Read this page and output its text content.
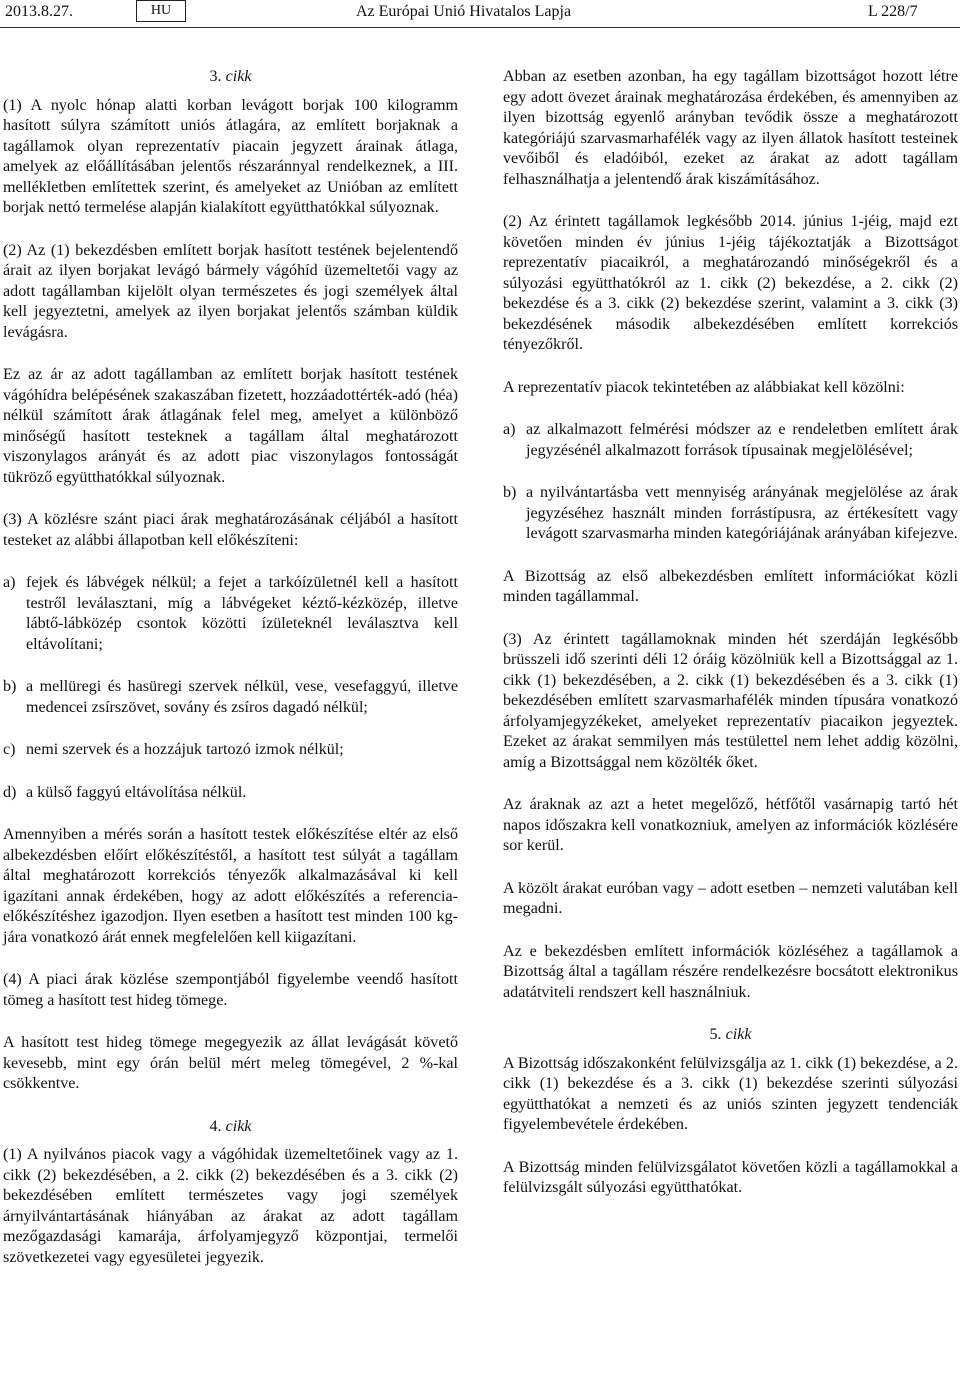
2013.8.27.	HU	Az Európai Unió Hivatalos Lapja	L 228/7

3. cikk

(1) A nyolc hónap alatti korban levágott borjak 100 kilogramm hasított súlyra számított uniós átlagára, az említett borjaknak a tagállamok olyan reprezentatív piacain jegyzett árainak átlaga, amelyek az előállításában jelentős részaránnyal rendelkeznek, a III. mellékletben említettek szerint, és amelyeket az Unióban az említett borjak nettó termelése alapján kialakított együtthatókkal súlyoznak.

(2) Az (1) bekezdésben említett borjak hasított testének bejelentendő árait az ilyen borjakat levágó bármely vágóhíd üzemeltetői vagy az adott tagállamban kijelölt olyan természetes és jogi személyek által kell jegyeztetni, amelyek az ilyen borjakat jelentős számban küldik levágásra.

Ez az ár az adott tagállamban az említett borjak hasított testének vágóhídra belépésének szakaszában fizetett, hozzáadottérték-adó (héa) nélkül számított árak átlagának felel meg, amelyet a különböző minőségű hasított testeknek a tagállam által meghatározott viszonylagos arányát és az adott piac viszonylagos fontosságát tükröző együtthatókkal súlyoznak.

(3) A közlésre szánt piaci árak meghatározásának céljából a hasított testeket az alábbi állapotban kell előkészíteni:

a) fejek és lábvégek nélkül; a fejet a tarkóízületnél kell a hasított testről leválasztani, míg a lábvégeket kéztő-kézközép, illetve lábtő-lábközép csontok közötti ízületeknél leválasztva kell eltávolítani;
b) a mellüregi és hasüregi szervek nélkül, vese, vesefaggyú, illetve medencei zsírszövet, sovány és zsíros dagadó nélkül;
c) nemi szervek és a hozzájuk tartozó izmok nélkül;
d) a külső faggyú eltávolítása nélkül.

Amennyiben a mérés során a hasított testek előkészítése eltér az első albekezdésben előírt előkészítéstől, a hasított test súlyát a tagállam által meghatározott korrekciós tényezők alkalmazásával ki kell igazítani annak érdekében, hogy az adott előkészítés a referencia-előkészítéshez igazodjon. Ilyen esetben a hasított test minden 100 kg-jára vonatkozó árát ennek megfelelően kell kiigazítani.

(4) A piaci árak közlése szempontjából figyelembe veendő hasított tömeg a hasított test hideg tömege.

A hasított test hideg tömege megegyezik az állat levágását követő kevesebb, mint egy órán belül mért meleg tömegével, 2 %-kal csökkentve.

4. cikk

(1) A nyilvános piacok vagy a vágóhidak üzemeltetőinek vagy az 1. cikk (2) bekezdésében, a 2. cikk (2) bekezdésében és a 3. cikk (2) bekezdésében említett természetes vagy jogi személyek árnyilvántartásának hiányában az árakat az adott tagállam mezőgazdasági kamarája, árfolyamjegyző központjai, termelői szövetkezetei vagy egyesületei jegyezik.

Abban az esetben azonban, ha egy tagállam bizottságot hozott létre egy adott övezet árainak meghatározása érdekében, és amennyiben az ilyen bizottság egyenlő arányban tevődik össze a meghatározott kategóriájú szarvasmarhafélék vagy az ilyen állatok hasított testeinek vevőiből és eladóiból, ezeket az árakat az adott tagállam felhasználhatja a jelentendő árak kiszámításához.

(2) Az érintett tagállamok legkésőbb 2014. június 1-jéig, majd ezt követően minden év június 1-jéig tájékoztatják a Bizottságot reprezentatív piacaikról, a meghatározandó minőségekről és a súlyozási együtthatókról az 1. cikk (2) bekezdése, a 2. cikk (2) bekezdése és a 3. cikk (2) bekezdése szerint, valamint a 3. cikk (3) bekezdésének második albekezdésében említett korrekciós tényezőkről.

A reprezentatív piacok tekintetében az alábbiakat kell közölni:

a) az alkalmazott felmérési módszer az e rendeletben említett árak jegyzésénél alkalmazott források típusainak megjelölésével;
b) a nyilvántartásba vett mennyiség arányának megjelölése az árak jegyzéséhez használt minden forrástípusra, az értékesített vagy levágott szarvasmarha minden kategóriájának arányában kifejezve.

A Bizottság az első albekezdésben említett információkat közli minden tagállammal.

(3) Az érintett tagállamoknak minden hét szerdáján legkésőbb brüsszeli idő szerinti déli 12 óráig közölniük kell a Bizottsággal az 1. cikk (1) bekezdésében, a 2. cikk (1) bekezdésében és a 3. cikk (1) bekezdésében említett szarvasmarhafélék minden típusára vonatkozó árfolyamjegyzékeket, amelyeket reprezentatív piacaikon jegyeztek. Ezeket az árakat semmilyen más testülettel nem lehet addig közölni, amíg a Bizottsággal nem közölték őket.

Az áraknak az azt a hetet megelőző, hétfőtől vasárnapig tartó hét napos időszakra kell vonatkozniuk, amelyen az információk közlésére sor kerül.

A közölt árakat euróban vagy – adott esetben – nemzeti valutában kell megadni.

Az e bekezdésben említett információk közléséhez a tagállamok a Bizottság által a tagállam részére rendelkezésre bocsátott elektronikus adatátviteli rendszert kell használniuk.

5. cikk

A Bizottság időszakonként felülvizsgálja az 1. cikk (1) bekezdése, a 2. cikk (1) bekezdése és a 3. cikk (1) bekezdése szerinti súlyozási együtthatókat a nemzeti és az uniós szinten jegyzett tendenciák figyelembevétele érdekében.

A Bizottság minden felülvizsgálatot követően közli a tagállamokkal a felülvizsgált súlyozási együtthatókat.
